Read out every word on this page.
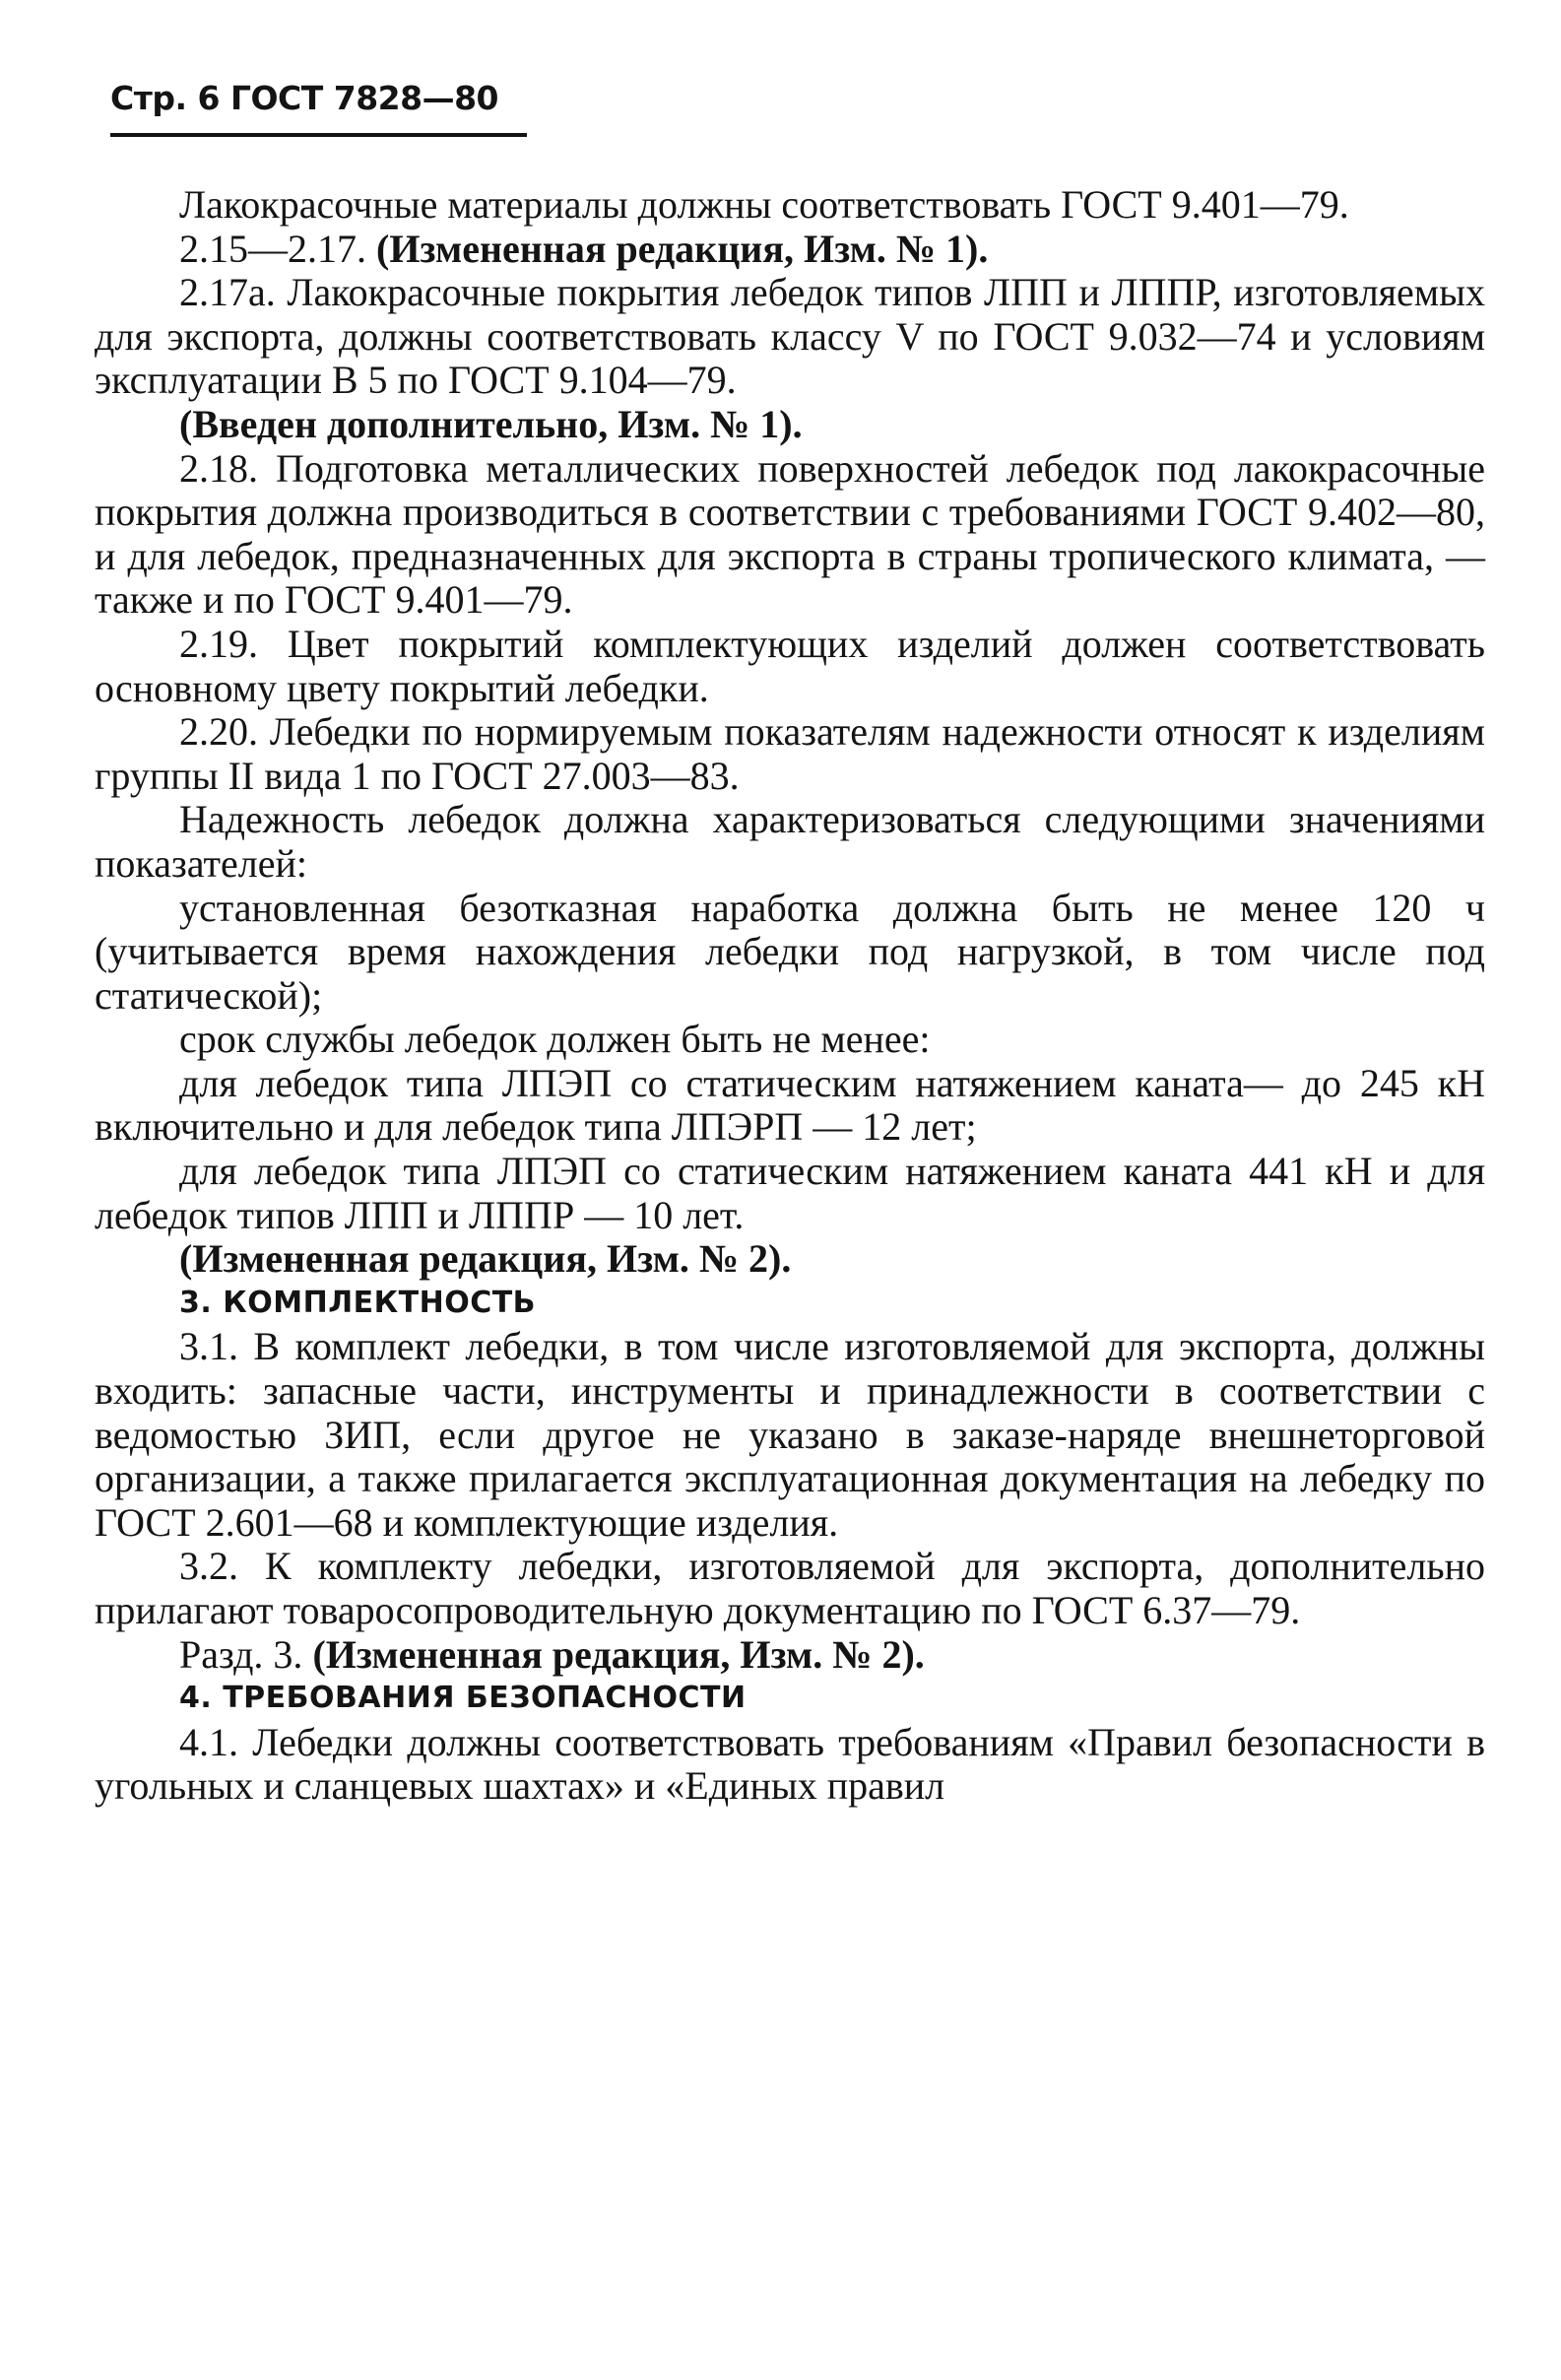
Стр. 6 ГОСТ 7828—80

Лакокрасочные материалы должны соответствовать ГОСТ 9.401—79.

2.15—2.17. (Измененная редакция, Изм. № 1).

2.17а. Лакокрасочные покрытия лебедок типов ЛПП и ЛППР, изготовляемых для экспорта, должны соответствовать классу V по ГОСТ 9.032—74 и условиям эксплуатации В 5 по ГОСТ 9.104—79.

(Введен дополнительно, Изм. № 1).

2.18. Подготовка металлических поверхностей лебедок под лакокрасочные покрытия должна производиться в соответствии с требованиями ГОСТ 9.402—80, и для лебедок, предназначенных для экспорта в страны тропического климата, — также и по ГОСТ 9.401—79.

2.19. Цвет покрытий комплектующих изделий должен соответствовать основному цвету покрытий лебедки.

2.20. Лебедки по нормируемым показателям надежности относят к изделиям группы II вида 1 по ГОСТ 27.003—83.

Надежность лебедок должна характеризоваться следующими значениями показателей:

установленная безотказная наработка должна быть не менее 120 ч (учитывается время нахождения лебедки под нагрузкой, в том числе под статической);

срок службы лебедок должен быть не менее:

для лебедок типа ЛПЭП со статическим натяжением каната— до 245 кН включительно и для лебедок типа ЛПЭРП — 12 лет;

для лебедок типа ЛПЭП со статическим натяжением каната 441 кН и для лебедок типов ЛПП и ЛППР — 10 лет.

(Измененная редакция, Изм. № 2).

3. КОМПЛЕКТНОСТЬ

3.1. В комплект лебедки, в том числе изготовляемой для экспорта, должны входить: запасные части, инструменты и принадлежности в соответствии с ведомостью ЗИП, если другое не указано в заказе-наряде внешнеторговой организации, а также прилагается эксплуатационная документация на лебедку по ГОСТ 2.601—68 и комплектующие изделия.

3.2. К комплекту лебедки, изготовляемой для экспорта, дополнительно прилагают товаросопроводительную документацию по ГОСТ 6.37—79.

Разд. 3. (Измененная редакция, Изм. № 2).

4. ТРЕБОВАНИЯ БЕЗОПАСНОСТИ

4.1. Лебедки должны соответствовать требованиям «Правил безопасности в угольных и сланцевых шахтах» и «Единых правил
